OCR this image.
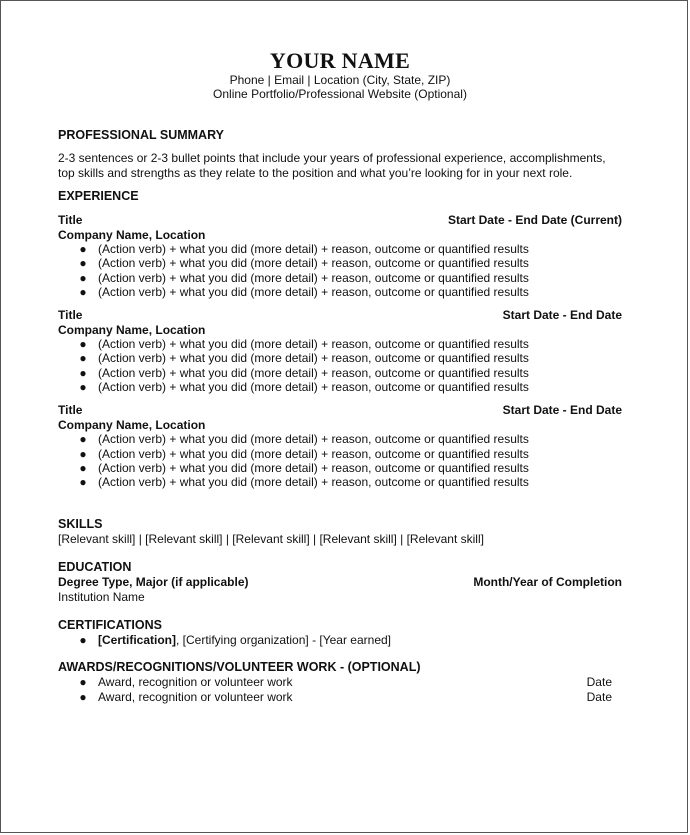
YOUR NAME
Phone | Email | Location (City, State, ZIP)
Online Portfolio/Professional Website (Optional)
PROFESSIONAL SUMMARY
2-3 sentences or 2-3 bullet points that include your years of professional experience, accomplishments,
top skills and strengths as they relate to the position and what you’re looking for in your next role.
EXPERIENCE
Title	Start Date - End Date (Current)
Company Name, Location
● (Action verb) + what you did (more detail) + reason, outcome or quantified results
● (Action verb) + what you did (more detail) + reason, outcome or quantified results
● (Action verb) + what you did (more detail) + reason, outcome or quantified results
● (Action verb) + what you did (more detail) + reason, outcome or quantified results
Title	Start Date - End Date
Company Name, Location
● (Action verb) + what you did (more detail) + reason, outcome or quantified results
● (Action verb) + what you did (more detail) + reason, outcome or quantified results
● (Action verb) + what you did (more detail) + reason, outcome or quantified results
● (Action verb) + what you did (more detail) + reason, outcome or quantified results
Title	Start Date - End Date
Company Name, Location
● (Action verb) + what you did (more detail) + reason, outcome or quantified results
● (Action verb) + what you did (more detail) + reason, outcome or quantified results
● (Action verb) + what you did (more detail) + reason, outcome or quantified results
● (Action verb) + what you did (more detail) + reason, outcome or quantified results
SKILLS
[Relevant skill] | [Relevant skill] | [Relevant skill] | [Relevant skill] | [Relevant skill]
EDUCATION
Degree Type, Major (if applicable)	Month/Year of Completion
Institution Name
CERTIFICATIONS
● [Certification], [Certifying organization] - [Year earned]
AWARDS/RECOGNITIONS/VOLUNTEER WORK - (OPTIONAL)
● Award, recognition or volunteer work	Date
● Award, recognition or volunteer work	Date
